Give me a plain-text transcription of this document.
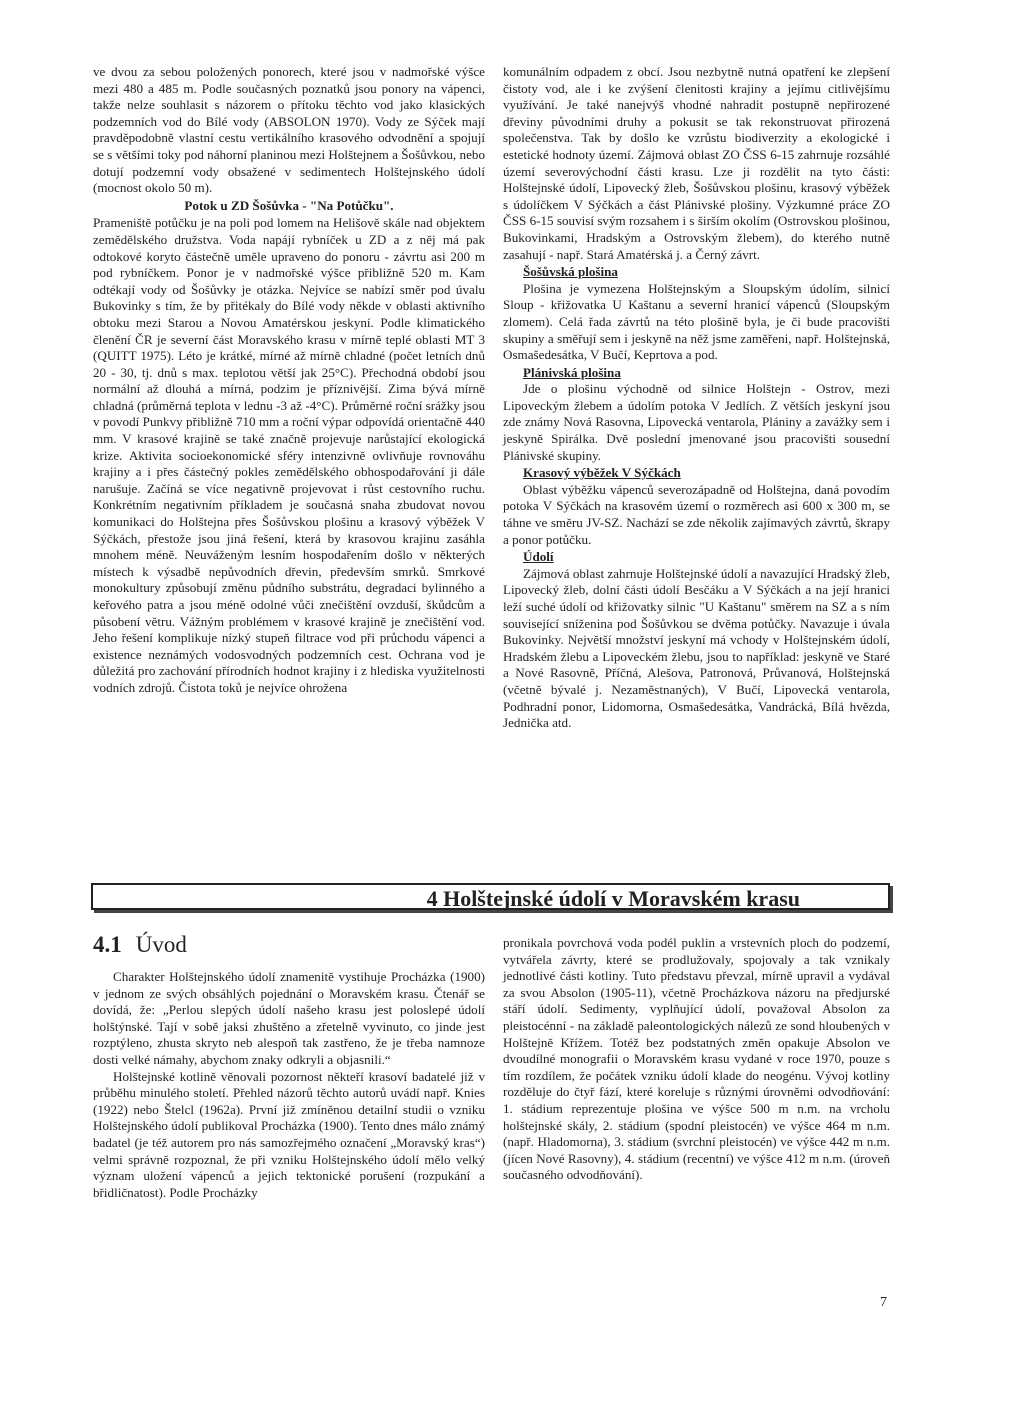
ve dvou za sebou položených ponorech, které jsou v nadmořské výšce mezi 480 a 485 m. Podle současných poznatků jsou ponory na vápenci, takže nelze souhlasit s názorem o přítoku těchto vod jako klasických podzemních vod do Bílé vody (ABSOLON 1970). Vody ze Sýček mají pravděpodobně vlastní cestu vertikálního krasového odvodnění a spojují se s většími toky pod náhorní planinou mezi Holštejnem a Šošůvkou, nebo dotují podzemní vody obsažené v sedimentech Holštejnského údolí (mocnost okolo 50 m).

Potok u ZD Šošůvka - "Na Potůčku".

Prameniště potůčku je na poli pod lomem na Helišově skále nad objektem zemědělského družstva. Voda napájí rybníček u ZD a z něj má pak odtokové koryto částečně uměle upraveno do ponoru - závrtu asi 200 m pod rybníčkem. Ponor je v nadmořské výšce přibližně 520 m. Kam odtékají vody od Šošůvky je otázka. Nejvíce se nabízí směr pod úvalu Bukovinky s tím, že by přitékaly do Bílé vody někde v oblasti aktivního obtoku mezi Starou a Novou Amatérskou jeskyní. Podle klimatického členění ČR je severní část Moravského krasu v mírně teplé oblasti MT 3 (QUITT 1975). Léto je krátké, mírné až mírně chladné (počet letních dnů 20 - 30, tj. dnů s max. teplotou větší jak 25°C). Přechodná období jsou normální až dlouhá a mírná, podzim je příznivější. Zima bývá mírně chladná (průměrná teplota v lednu -3 až -4°C). Průměrné roční srážky jsou v povodí Punkvy přibližně 710 mm a roční výpar odpovídá orientačně 440 mm. V krasové krajině se také značně projevuje narůstající ekologická krize. Aktivita socioekonomické sféry intenzivně ovlivňuje rovnováhu krajiny a i přes částečný pokles zemědělského obhospodařování ji dále narušuje. Začíná se více negativně projevovat i růst cestovního ruchu. Konkrétním negativním příkladem je současná snaha zbudovat novou komunikaci do Holštejna přes Šošůvskou plošinu a krasový výběžek V Sýčkách, přestože jsou jiná řešení, která by krasovou krajinu zasáhla mnohem méně. Neuváženým lesním hospodařením došlo v některých místech k výsadbě nepůvodních dřevin, především smrků. Smrkové monokultury způsobují změnu půdního substrátu, degradaci bylinného a keřového patra a jsou méně odolné vůči znečištění ovzduší, škůdcům a působení větru. Vážným problémem v krasové krajině je znečištění vod. Jeho řešení komplikuje nízký stupeň filtrace vod při průchodu vápenci a existence neznámých vodosvodných podzemních cest. Ochrana vod je důležitá pro zachování přírodních hodnot krajiny i z hlediska využitelnosti vodních zdrojů. Čistota toků je nejvíce ohrožena

komunálním odpadem z obcí. Jsou nezbytně nutná opatření ke zlepšení čistoty vod, ale i ke zvýšení členitosti krajiny a jejímu citlivějšímu využívání. Je také nanejvýš vhodné nahradit postupně nepřirozené dřeviny původními druhy a pokusit se tak rekonstruovat přirozená společenstva. Tak by došlo ke vzrůstu biodiverzity a ekologické i estetické hodnoty území. Zájmová oblast ZO ČSS 6-15 zahrnuje rozsáhlé území severovýchodní části krasu. Lze ji rozdělit na tyto části: Holštejnské údolí, Lipovecký žleb, Šošůvskou plošinu, krasový výběžek s údolíčkem V Sýčkách a část Plánivské plošiny. Výzkumné práce ZO ČSS 6-15 souvisí svým rozsahem i s širším okolím (Ostrovskou plošinou, Bukovinkami, Hradským a Ostrovským žlebem), do kterého nutně zasahují - např. Stará Amatérská j. a Černý závrt.

Šošůvská plošina

Plošina je vymezena Holštejnským a Sloupským údolím, silnicí Sloup - křižovatka U Kaštanu a severní hranicí vápenců (Sloupským zlomem). Celá řada závrtů na této plošině byla, je či bude pracovišti skupiny a směřují sem i jeskyně na něž jsme zaměřeni, např. Holštejnská, Osmašedesátka, V Bučí, Keprtova a pod.

Plánivská plošina

Jde o plošinu východně od silnice Holštejn - Ostrov, mezi Lipoveckým žlebem a údolím potoka V Jedlích. Z větších jeskyní jsou zde známy Nová Rasovna, Lipovecká ventarola, Plániny a zavážky sem i jeskyně Spirálka. Dvě poslední jmenované jsou pracovišti sousední Plánivské skupiny.

Krasový výběžek V Sýčkách

Oblast výběžku vápenců severozápadně od Holštejna, daná povodím potoka V Sýčkách na krasovém území o rozměrech asi 600 x 300 m, se táhne ve směru JV-SZ. Nachází se zde několik zajímavých závrtů, škrapy a ponor potůčku.

Údolí

Zájmová oblast zahrnuje Holštejnské údolí a navazující Hradský žleb, Lipovecký žleb, dolní části údolí Besčáku a V Sýčkách a na její hranici leží suché údolí od křižovatky silnic "U Kaštanu" směrem na SZ a s ním související sníženina pod Šošůvkou se dvěma potůčky. Navazuje i úvala Bukovinky. Největší množství jeskyní má vchody v Holštejnském údolí, Hradském žlebu a Lipoveckém žlebu, jsou to například: jeskyně ve Staré a Nové Rasovně, Příčná, Alešova, Patronová, Průvanová, Holštejnská (včetně bývalé j. Nezaměstnaných), V Bučí, Lipovecká ventarola, Podhradní ponor, Lidomorna, Osmašedesátka, Vandrácká, Bílá hvězda, Jednička atd.

4 Holštejnské údolí v Moravském krasu
4.1 Úvod

Charakter Holštejnského údolí znamenitě vystihuje Procházka (1900) v jednom ze svých obsáhlých pojednání o Moravském krasu. Čtenář se dovídá, že: „Perlou slepých údolí našeho krasu jest poloslepé údolí holštýnské. Tají v sobě jaksi zhuštěno a zřetelně vyvinuto, co jinde jest rozptýleno, zhusta skryto neb alespoň tak zastřeno, že je třeba namnoze dosti velké námahy, abychom znaky odkryli a objasnili.“

Holštejnské kotlině věnovali pozornost někteří krasoví badatelé již v průběhu minulého století. Přehled názorů těchto autorů uvádí např. Knies (1922) nebo Štelcl (1962a). První již zmíněnou detailní studii o vzniku Holštejnského údolí publikoval Procházka (1900). Tento dnes málo známý badatel (je též autorem pro nás samozřejmého označení „Moravský kras“) velmi správně rozpoznal, že při vzniku Holštejnského údolí mělo velký význam uložení vápenců a jejich tektonické porušení (rozpukání a břidličnatost). Podle Procházky

pronikala povrchová voda podél puklin a vrstevních ploch do podzemí, vytvářela závrty, které se prodlužovaly, spojovaly a tak vznikaly jednotlivé části kotliny. Tuto představu převzal, mírně upravil a vydával za svou Absolon (1905-11), včetně Procházkova názoru na předjurské stáří údolí. Sedimenty, vyplňující údolí, považoval Absolon za pleistocénní - na základě paleontologických nálezů ze sond hloubených v Holštejně Křížem. Totéž bez podstatných změn opakuje Absolon ve dvoudílné monografii o Moravském krasu vydané v roce 1970, pouze s tím rozdílem, že počátek vzniku údolí klade do neogénu. Vývoj kotliny rozděluje do čtyř fází, které koreluje s různými úrovněmi odvodňování: 1. stádium reprezentuje plošina ve výšce 500 m n.m. na vrcholu holštejnské skály, 2. stádium (spodní pleistocén) ve výšce 464 m n.m. (např. Hladomorna), 3. stádium (svrchní pleistocén) ve výšce 442 m n.m. (jícen Nové Rasovny), 4. stádium (recentní) ve výšce 412 m n.m. (úroveň současného odvodňování).

7
